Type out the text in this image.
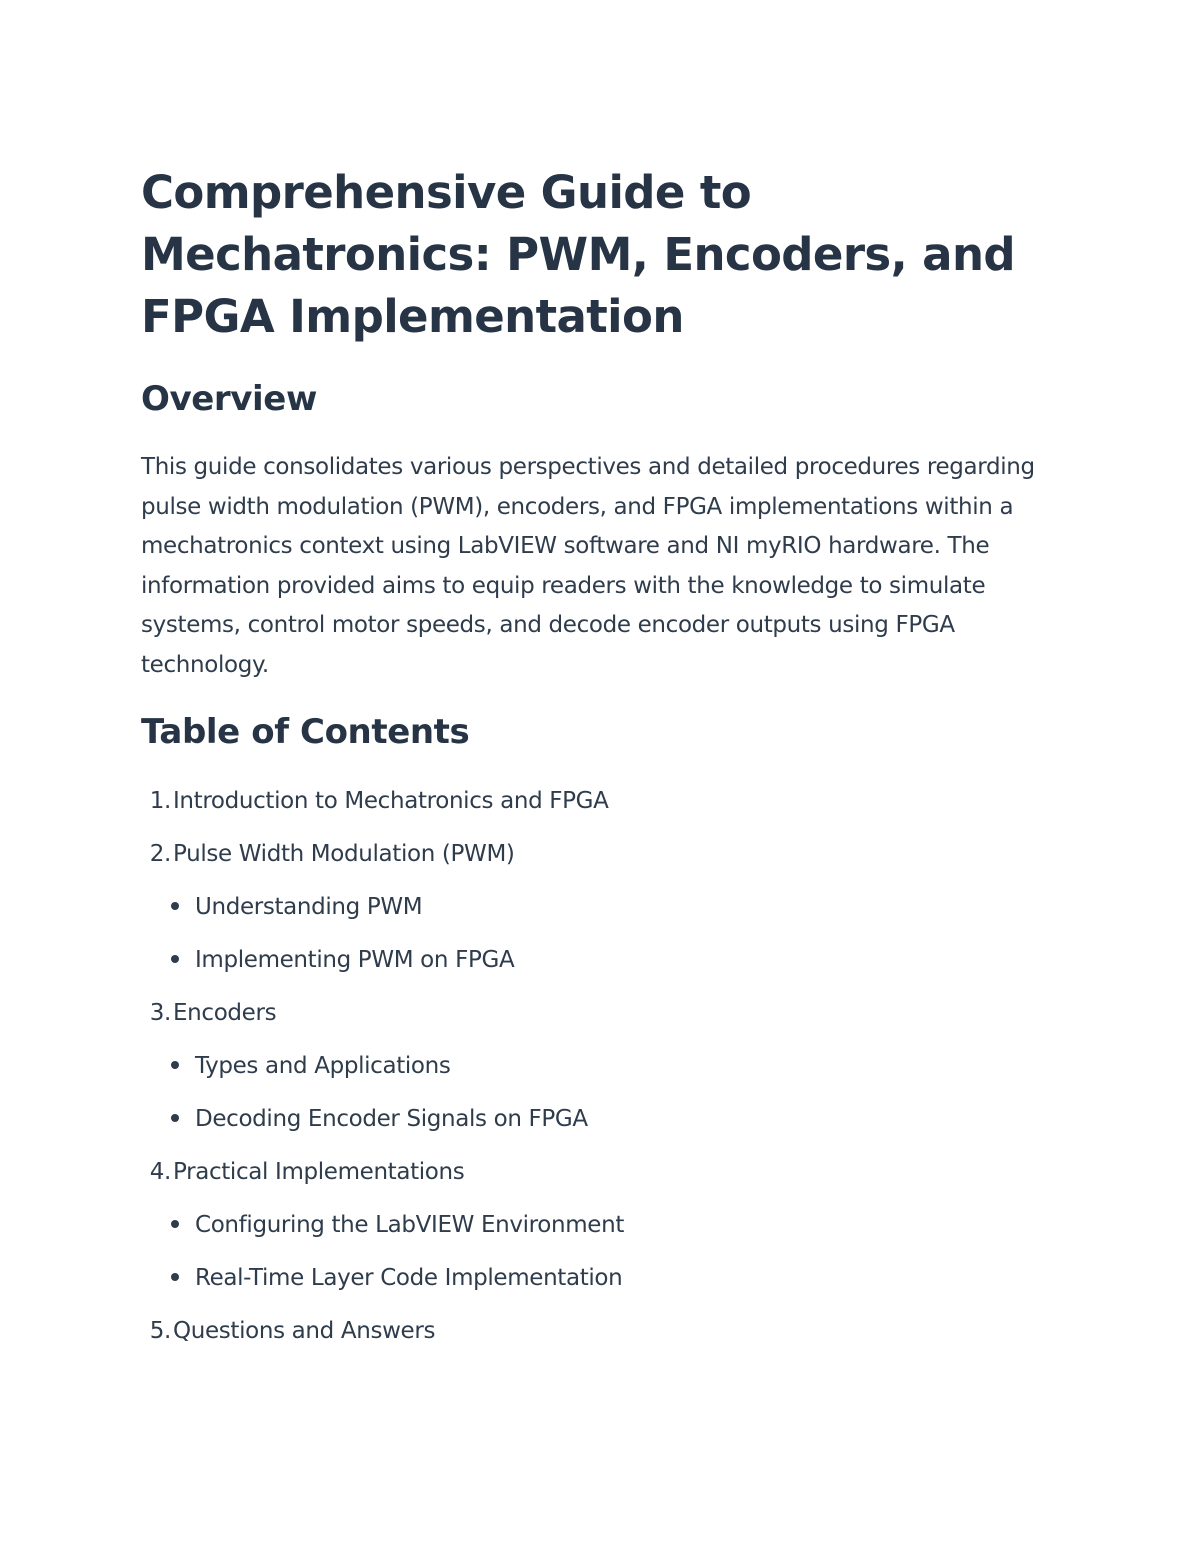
Comprehensive Guide to Mechatronics: PWM, Encoders, and FPGA Implementation
Overview

This guide consolidates various perspectives and detailed procedures regarding pulse width modulation (PWM), encoders, and FPGA implementations within a mechatronics context using LabVIEW software and NI myRIO hardware. The information provided aims to equip readers with the knowledge to simulate systems, control motor speeds, and decode encoder outputs using FPGA technology.

Table of Contents
1.Introduction to Mechatronics and FPGA
2.Pulse Width Modulation (PWM)
Understanding PWM
Implementing PWM on FPGA
3.Encoders
Types and Applications
Decoding Encoder Signals on FPGA
4.Practical Implementations
Configuring the LabVIEW Environment
Real-Time Layer Code Implementation
5.Questions and Answers
